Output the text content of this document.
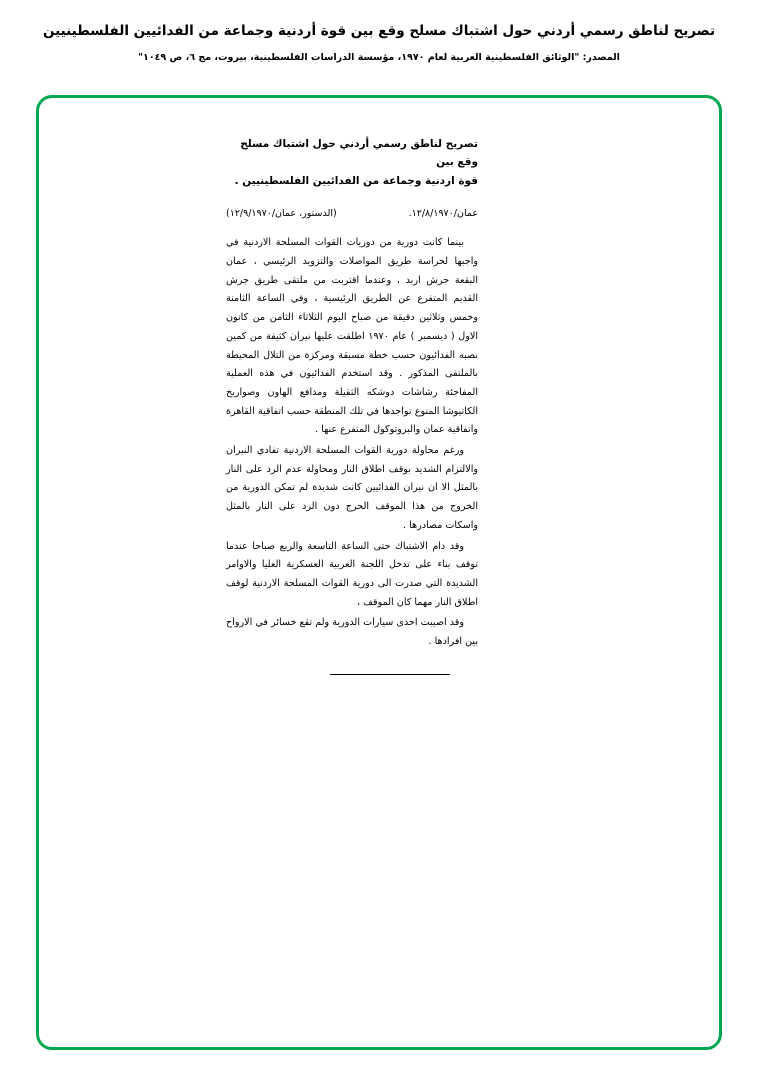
تصريح لناطق رسمي أردني حول اشتباك مسلح وقع بين قوة أردنية وجماعة من الفدائيين الفلسطينيين
المصدر: "الوثائق الفلسطينية العربية لعام ١٩٧٠، مؤسسة الدراسات الفلسطينية، بيروت، مج ٦، ص ١٠٤٩"
تصريح لناطق رسمي أردني حول اشتباك مسلح وقع بين
قوة اردنية وجماعة من الفدائيين الفلسطينيين .
عمان/١٢/٨/١٩٧٠.
(الدستور، عمان/١٢/٩/١٩٧٠)

بينما كانت دورية من دوريات القوات المسلحة الاردنية في واجبها لحراسة طريق المواصلات والتزويد الرئيسي ، عمان البقعة جرش اربد ، وعندما اقتربت من ملتقى طريق جرش القديم المتفرع عن الطريق الرئيسية ، وفي الساعة الثامنة وخمس وثلاثين دقيقة من صباح اليوم الثلاثاء الثامن من كانون الاول ( ديسمبر ) عام ١٩٧٠ اطلقت عليها نيران كثيفة من كمين نصبه الفدائيون حسب خطة مسبقة ومركزة من التلال المحيطة بالملتقى المذكور . وقد استخدم الفدائيون في هذه العملية المفاجئة رشاشات دوشكه الثقيلة ومدافع الهاون وصواريخ الكاتيوشا المنوع تواجدها في تلك المنطقة حسب اتفاقية القاهرة واتفاقية عمان والبروتوكول المتفرع عنها .

ورغم محاولة دورية القوات المسلحة الاردنية تفادي النيران والالتزام الشديد بوقف اطلاق النار ومحاولة عدم الرد على النار بالمثل الا ان نيران الفدائيين كانت شديدة لم تمكن الدورية من الخروج من هذا الموقف الحرج دون الرد على النار بالمثل واسكات مصادرها .

وقد دام الاشتباك حتى الساعة التاسعة والربع صباحا عندما توقف بناء على تدخل اللجنة العربية العسكرية العليا والاوامر الشديدة التي صدرت الى دورية القوات المسلحة الاردنية لوقف اطلاق النار مهما كان الموقف ،

وقد اصيبت احدى سيارات الدورية ولم تقع خسائر في الارواح بين افرادها .
